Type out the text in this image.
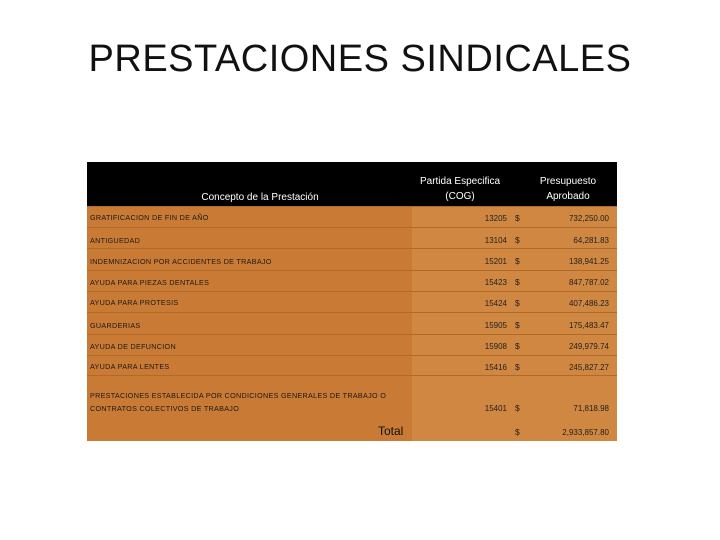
PRESTACIONES SINDICALES
Concepto de la Prestación
Partida Especifica
(COG)
Presupuesto
Aprobado
GRATIFICACION DE FIN DE AÑO	13205 $	732,250.00
ANTIGUEDAD	13104 $	64,281.83
INDEMNIZACION POR ACCIDENTES DE TRABAJO	15201 $	138,941.25
AYUDA PARA PIEZAS DENTALES	15423 $	847,787.02
AYUDA PARA PROTESIS	15424 $	407,486.23
GUARDERIAS	15905 $	175,483.47
AYUDA DE DEFUNCION	15908 $	249,979.74
AYUDA PARA LENTES	15416 $	245,827.27
PRESTACIONES ESTABLECIDA POR CONDICIONES GENERALES DE TRABAJO O
CONTRATOS COLECTIVOS DE TRABAJO	15401 $	71,818.98
Total	$	2,933,857.80
